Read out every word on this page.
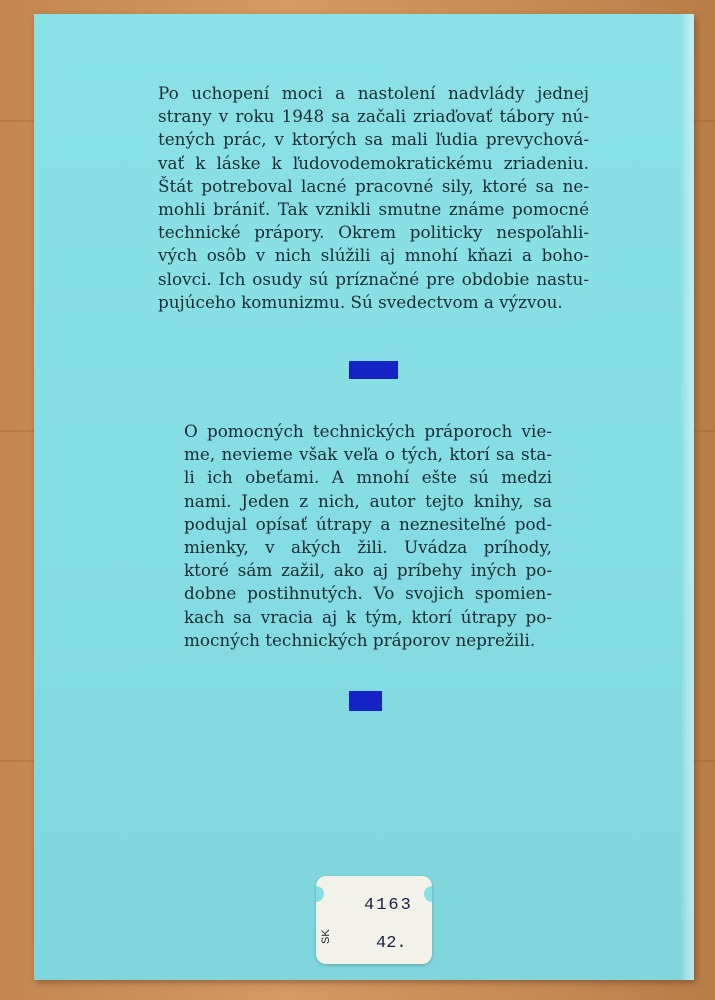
Po uchopení moci a nastolení nadvlády jednej
strany v roku 1948 sa začali zriaďovať tábory nú-
tených prác, v ktorých sa mali ľudia prevychová-
vať k láske k ľudovodemokratickému zriadeniu.
Štát potreboval lacné pracovné sily, ktoré sa ne-
mohli brániť. Tak vznikli smutne známe pomocné
technické prápory. Okrem politicky nespoľahli-
vých osôb v nich slúžili aj mnohí kňazi a boho-
slovci. Ich osudy sú príznačné pre obdobie nastu-
pujúceho komunizmu. Sú svedectvom a výzvou.

O pomocných technických práporoch vie-
me, nevieme však veľa o tých, ktorí sa sta-
li ich obeťami. A mnohí ešte sú medzi
nami. Jeden z nich, autor tejto knihy, sa
podujal opísať útrapy a neznesiteľné pod-
mienky, v akých žili. Uvádza príhody,
ktoré sám zažil, ako aj príbehy iných po-
dobne postihnutých. Vo svojich spomien-
kach sa vracia aj k tým, ktorí útrapy po-
mocných technických práporov neprežili.

SK
4163
42.
